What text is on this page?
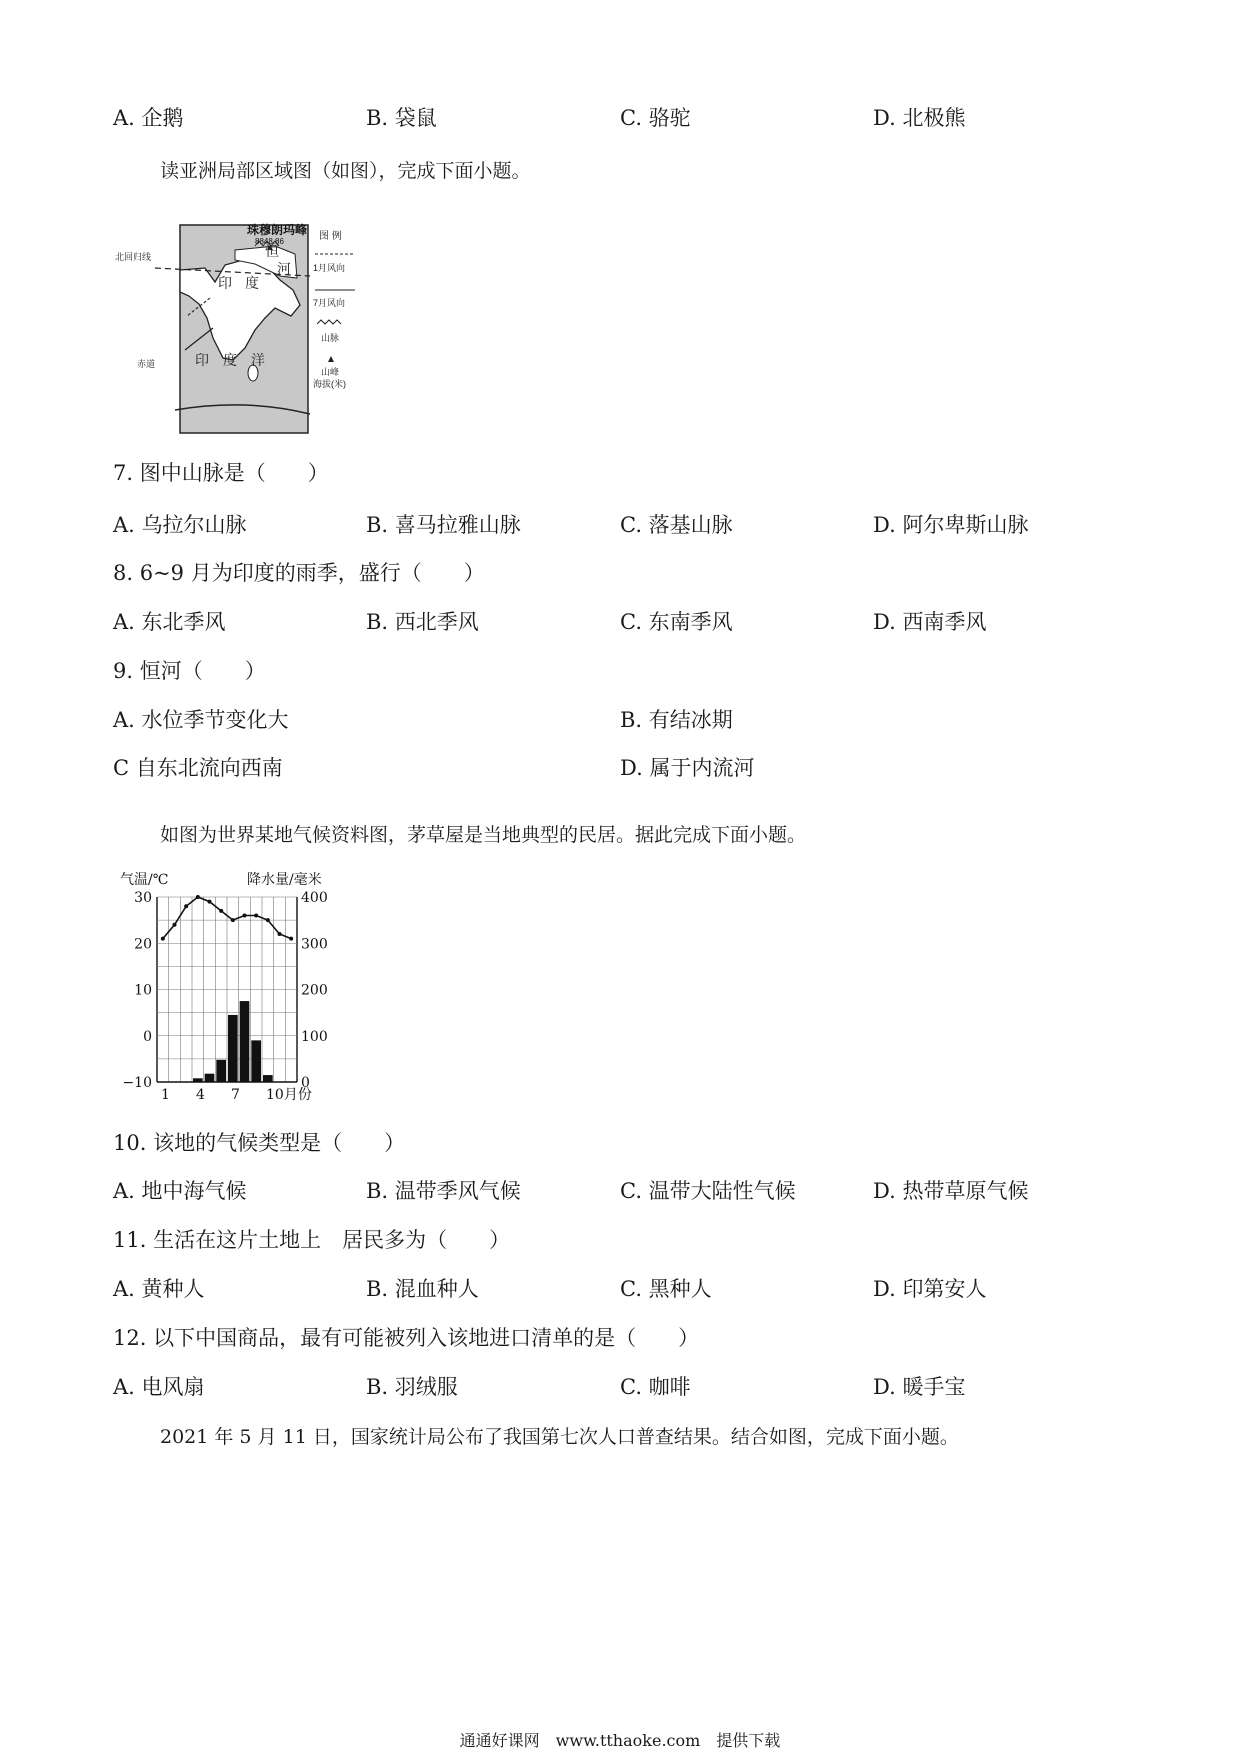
A. 企鹅	B. 袋鼠	C. 骆驼	D. 北极熊
读亚洲局部区域图（如图），完成下面小题。
珠穆朗玛峰
8848.86
北回归线
赤道
印 度
印　度　洋
恒
河
图 例
1月风向
7月风向
山脉
山峰
海拔(米)
7. 图中山脉是（　　）
A. 乌拉尔山脉	B. 喜马拉雅山脉	C. 落基山脉	D. 阿尔卑斯山脉
8. 6~9 月为印度的雨季，盛行（　　）
A. 东北季风	B. 西北季风	C. 东南季风	D. 西南季风
9. 恒河（　　）
A. 水位季节变化大	B. 有结冰期
C 自东北流向西南	D. 属于内流河
如图为世界某地气候资料图，茅草屋是当地典型的民居。据此完成下面小题。
30
20
10
0
−10
400
300
200
100
0
1 4 7 10月份
气温/℃	降水量/毫米
10. 该地的气候类型是（　　）
A. 地中海气候	B. 温带季风气候	C. 温带大陆性气候	D. 热带草原气候
11. 生活在这片土地上　居民多为（　　）
A. 黄种人	B. 混血种人	C. 黑种人	D. 印第安人
12. 以下中国商品，最有可能被列入该地进口清单的是（　　）
A. 电风扇	B. 羽绒服	C. 咖啡	D. 暖手宝
2021 年 5 月 11 日，国家统计局公布了我国第七次人口普查结果。结合如图，完成下面小题。
通通好课网　www.tthaoke.com　提供下载
